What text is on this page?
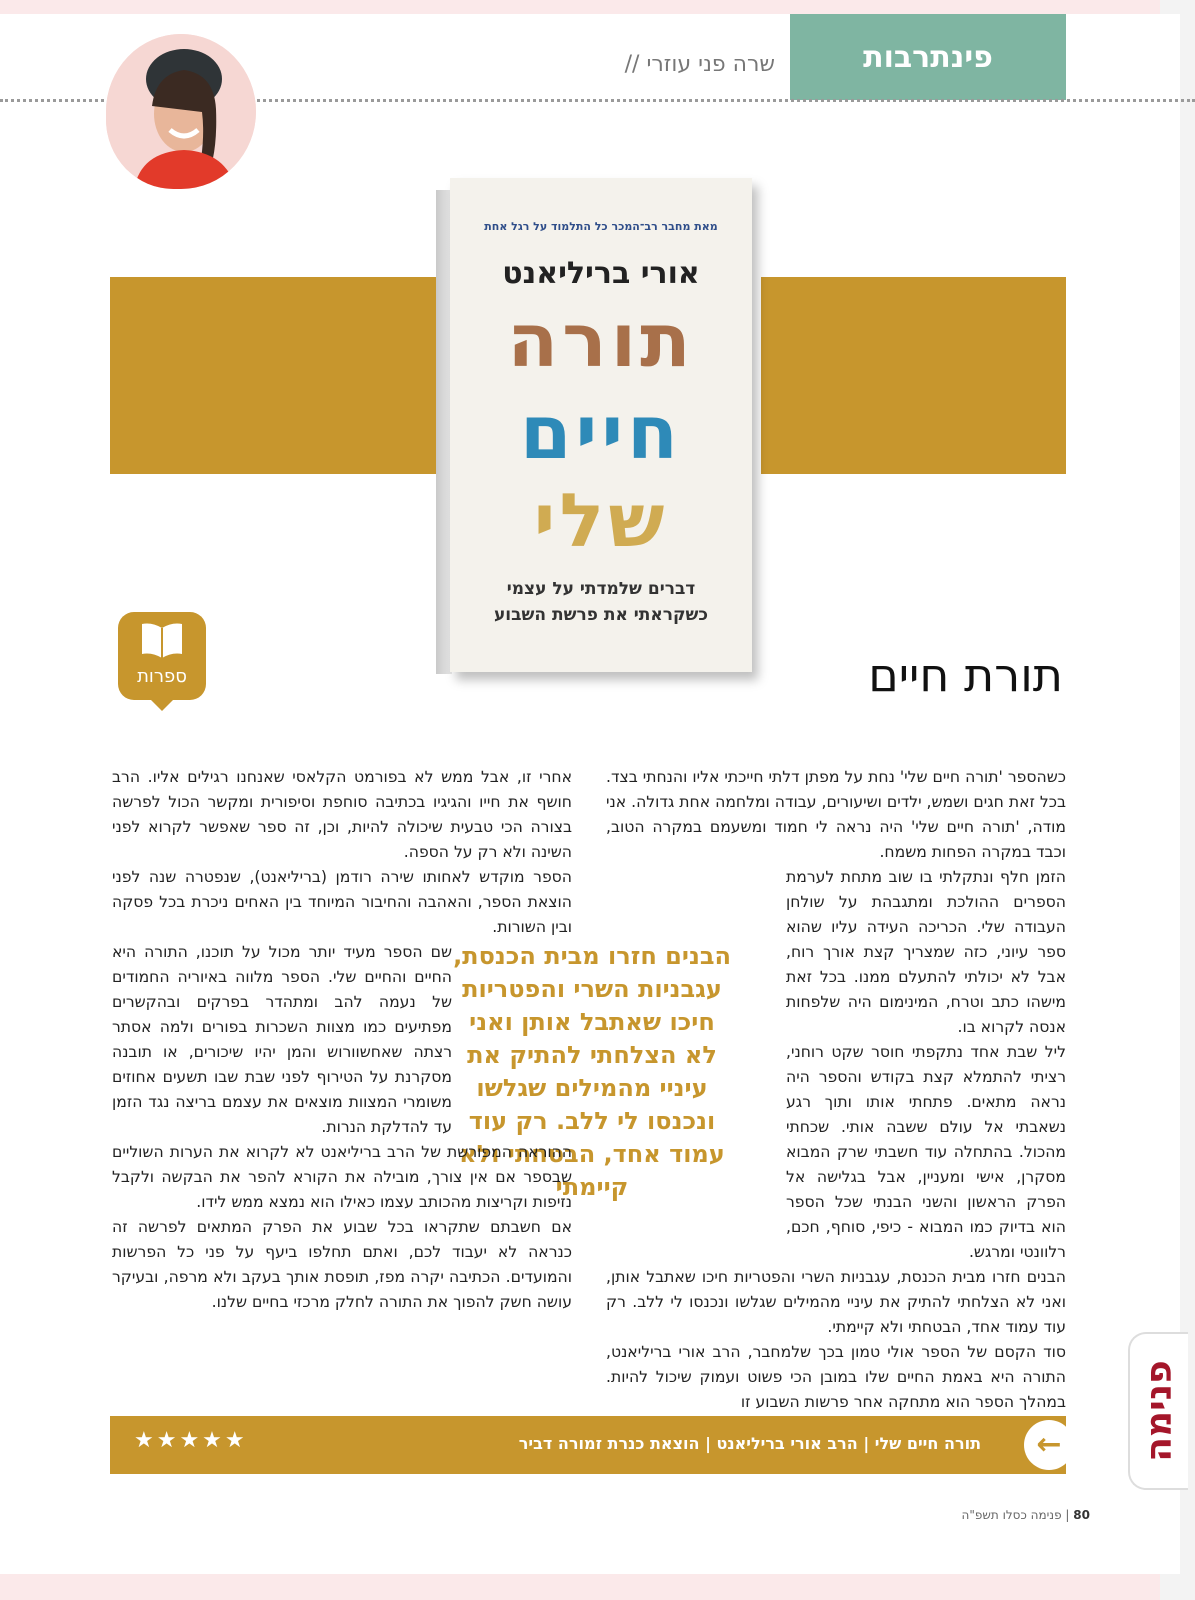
פינתרבות
// שרה פני עוזרי
מאת מחבר רב־המכר כל התלמוד על רגל אחת
אורי בריליאנט
תורה
חיים
שלי
דברים שלמדתי על עצמי
כשקראתי את פרשת השבוע
ספרות	תורת חיים

כשהספר 'תורה חיים שלי' נחת על מפתן דלתי חייכתי אליו והנחתי בצד. בכל זאת חגים ושמש, ילדים ושיעורים, עבודה ומלחמה אחת גדולה. אני מודה, 'תורה חיים שלי' היה נראה לי חמוד ומשעמם במקרה הטוב, וכבד במקרה הפחות משמח.

הזמן חלף ונתקלתי בו שוב מתחת לערמת הספרים ההולכת ומתגבהת על שולחן העבודה שלי. הכריכה העידה עליו שהוא ספר עיוני, כזה שמצריך קצת אורך רוח, אבל לא יכולתי להתעלם ממנו. בכל זאת מישהו כתב וטרח, המינימום היה שלפחות אנסה לקרוא בו.

ליל שבת אחד נתקפתי חוסר שקט רוחני, רציתי להתמלא קצת בקודש והספר היה נראה מתאים. פתחתי אותו ותוך רגע נשאבתי אל עולם ששבה אותי. שכחתי מהכול. בהתחלה עוד חשבתי שרק המבוא מסקרן, אישי ומעניין, אבל בגלישה אל הפרק הראשון והשני הבנתי שכל הספר הוא בדיוק כמו המבוא - כיפי, סוחף, חכם, רלוונטי ומרגש.

הבנים חזרו מבית הכנסת, עגבניות השרי והפטריות חיכו שאתבל אותן, ואני לא הצלחתי להתיק את עיניי מהמילים שגלשו ונכנסו לי ללב. רק עוד עמוד אחד, הבטחתי ולא קיימתי.

סוד הקסם של הספר אולי טמון בכך שלמחבר, הרב אורי בריליאנט, התורה היא באמת החיים שלו במובן הכי פשוט ועמוק שיכול להיות. במהלך הספר הוא מתחקה אחר פרשות השבוע זו

הבנים חזרו מבית הכנסת, עגבניות השרי והפטריות חיכו שאתבל אותן ואני לא הצלחתי להתיק את עיניי מהמילים שגלשו ונכנסו לי ללב. רק עוד עמוד אחד, הבטחתי ולא קיימתי

אחרי זו, אבל ממש לא בפורמט הקלאסי שאנחנו רגילים אליו. הרב חושף את חייו והגיגיו בכתיבה סוחפת וסיפורית ומקשר הכול לפרשה בצורה הכי טבעית שיכולה להיות, וכן, זה ספר שאפשר לקרוא לפני השינה ולא רק על הספה.

הספר מוקדש לאחותו שירה רודמן (בריליאנט), שנפטרה שנה לפני הוצאת הספר, והאהבה והחיבור המיוחד בין האחים ניכרת בכל פסקה ובין השורות.

שם הספר מעיד יותר מכול על תוכנו, התורה היא החיים והחיים שלי. הספר מלווה באיוריה החמודים של נעמה להב ומתהדר בפרקים ובהקשרים מפתיעים כמו מצוות השכרות בפורים ולמה אסתר רצתה שאחשוורוש והמן יהיו שיכורים, או תובנה מסקרנת על הטירוף לפני שבת שבו תשעים אחוזים משומרי המצוות מוצאים את עצמם בריצה נגד הזמן עד להדלקת הנרות.

ההוראה המפורשת של הרב בריליאנט לא לקרוא את הערות השוליים שבספר אם אין צורך, מובילה את הקורא להפר את הבקשה ולקבל נזיפות וקריצות מהכותב עצמו כאילו הוא נמצא ממש לידו.

אם חשבתם שתקראו בכל שבוע את הפרק המתאים לפרשה זה כנראה לא יעבוד לכם, ואתם תחלפו ביעף על פני כל הפרשות והמועדים. הכתיבה יקרה מפז, תופסת אותך בעקב ולא מרפה, ובעיקר עושה חשק להפוך את התורה לחלק מרכזי בחיים שלנו.

←
תורה חיים שלי | הרב אורי בריליאנט | הוצאת כנרת זמורה דביר
★★★★★	פנימה
80 | פנימה כסלו תשפ"ה
